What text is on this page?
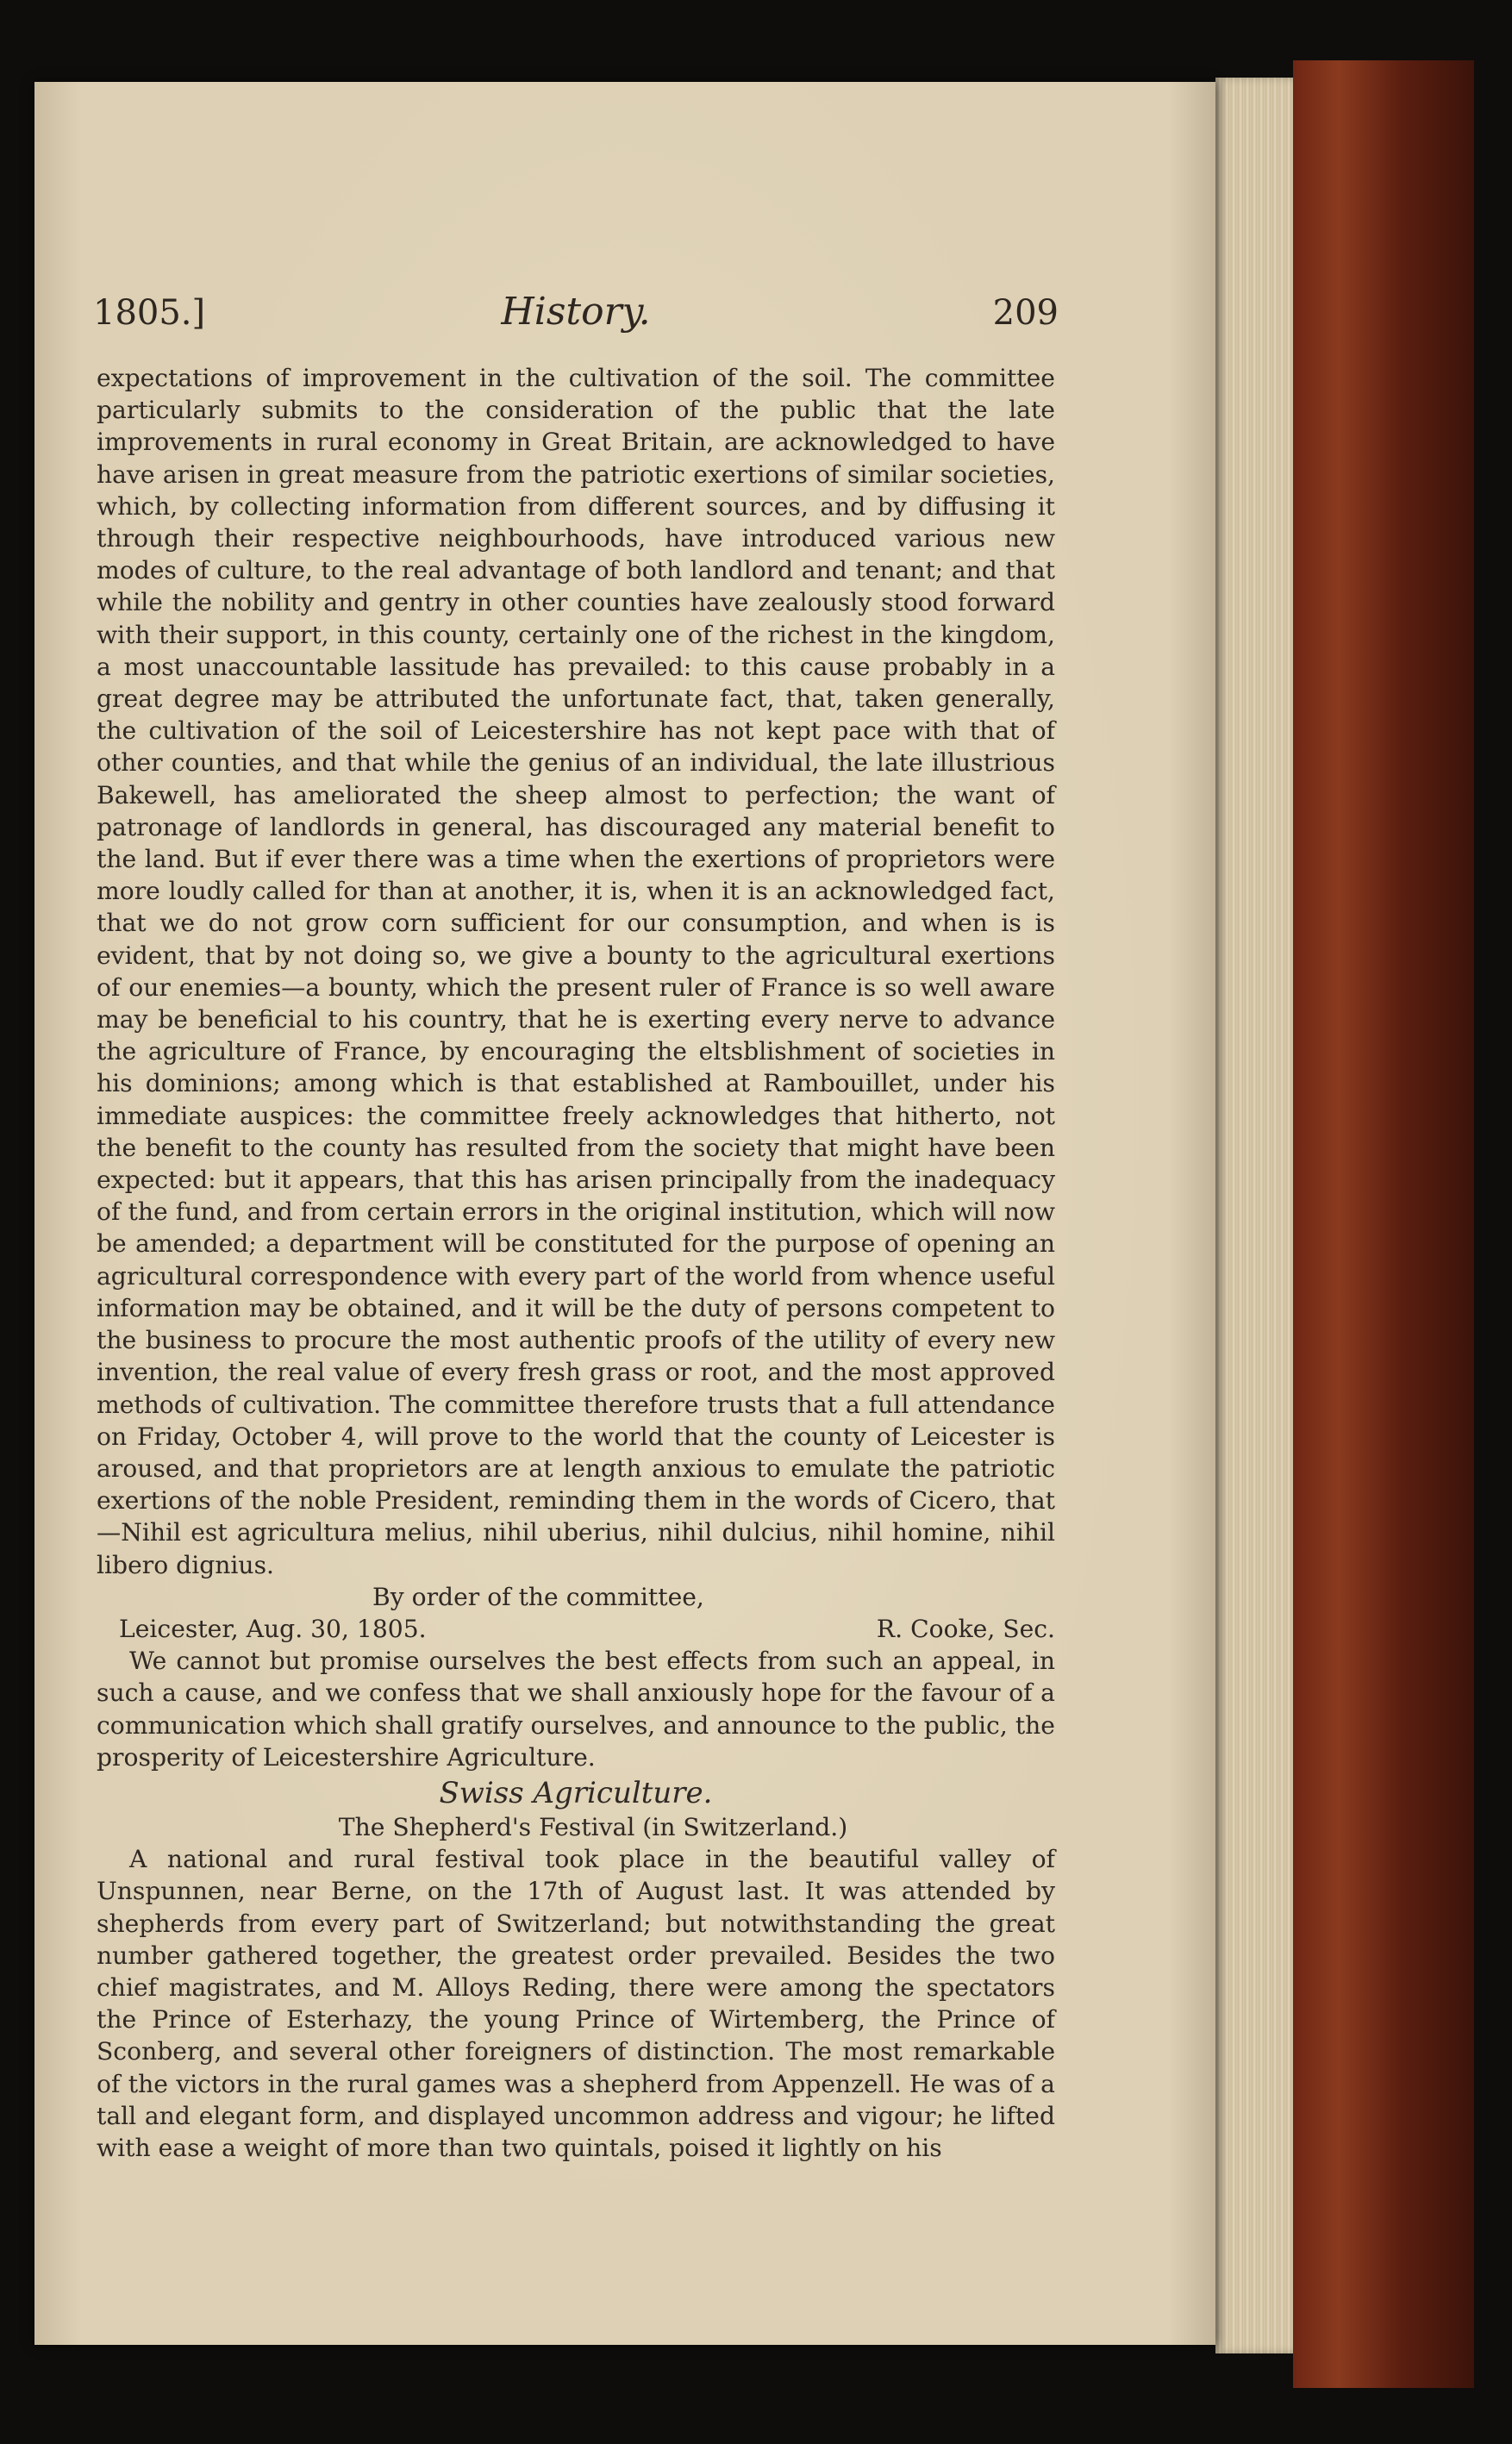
1805.]	History.	209

expectations of improvement in the cultivation of the soil. The committee particularly submits to the consideration of the public that the late improvements in rural economy in Great Britain, are acknowledged to have have arisen in great measure from the patriotic exertions of similar societies, which, by collecting information from different sources, and by diffusing it through their respective neighbourhoods, have introduced various new modes of culture, to the real advantage of both landlord and tenant; and that while the nobility and gentry in other counties have zealously stood forward with their support, in this county, certainly one of the richest in the kingdom, a most unaccountable lassitude has prevailed: to this cause probably in a great degree may be attributed the unfortunate fact, that, taken generally, the cultivation of the soil of Leicestershire has not kept pace with that of other counties, and that while the genius of an individual, the late illustrious Bakewell, has ameliorated the sheep almost to perfection; the want of patronage of landlords in general, has discouraged any material benefit to the land. But if ever there was a time when the exertions of proprietors were more loudly called for than at another, it is, when it is an acknowledged fact, that we do not grow corn sufficient for our consumption, and when is is evident, that by not doing so, we give a bounty to the agricultural exertions of our enemies—a bounty, which the present ruler of France is so well aware may be beneficial to his country, that he is exerting every nerve to advance the agriculture of France, by encouraging the eltsblishment of societies in his dominions; among which is that established at Rambouillet, under his immediate auspices: the committee freely acknowledges that hitherto, not the benefit to the county has resulted from the society that might have been expected: but it appears, that this has arisen principally from the inadequacy of the fund, and from certain errors in the original institution, which will now be amended; a department will be constituted for the purpose of opening an agricultural correspondence with every part of the world from whence useful information may be obtained, and it will be the duty of persons competent to the business to procure the most authentic proofs of the utility of every new invention, the real value of every fresh grass or root, and the most approved methods of cultivation. The committee therefore trusts that a full attendance on Friday, October 4, will prove to the world that the county of Leicester is aroused, and that proprietors are at length anxious to emulate the patriotic exertions of the noble President, reminding them in the words of Cicero, that—Nihil est agricultura melius, nihil uberius, nihil dulcius, nihil homine, nihil libero dignius.

By order of the committee,

Leicester, Aug. 30, 1805.	R. Cooke, Sec.

We cannot but promise ourselves the best effects from such an appeal, in such a cause, and we confess that we shall anxiously hope for the favour of a communication which shall gratify ourselves, and announce to the public, the prosperity of Leicestershire Agriculture.

Swiss Agriculture.

The Shepherd's Festival (in Switzerland.)

A national and rural festival took place in the beautiful valley of Unspunnen, near Berne, on the 17th of August last. It was attended by shepherds from every part of Switzerland; but notwithstanding the great number gathered together, the greatest order prevailed. Besides the two chief magistrates, and M. Alloys Reding, there were among the spectators the Prince of Esterhazy, the young Prince of Wirtemberg, the Prince of Sconberg, and several other foreigners of distinction. The most remarkable of the victors in the rural games was a shepherd from Appenzell. He was of a tall and elegant form, and displayed uncommon address and vigour; he lifted with ease a weight of more than two quintals, poised it lightly on his
